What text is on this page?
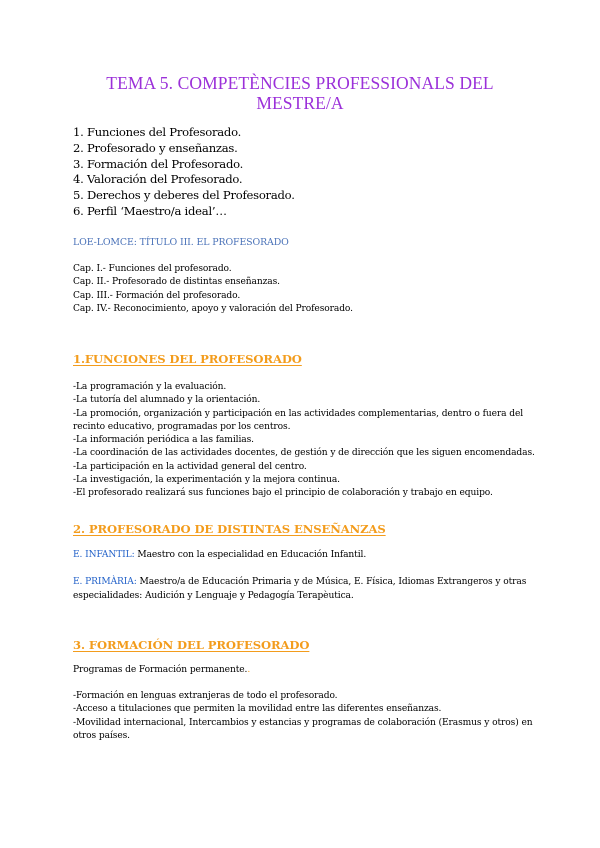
TEMA 5. COMPETÈNCIES PROFESSIONALS DEL
MESTRE/A
1. Funciones del Profesorado.
2. Profesorado y enseñanzas.
3. Formación del Profesorado.
4. Valoración del Profesorado.
5. Derechos y deberes del Profesorado.
6. Perfil ‘Maestro/a ideal’…
LOE-LOMCE: TÍTULO III. EL PROFESORADO
Cap. I.- Funciones del profesorado.
Cap. II.- Profesorado de distintas enseñanzas.
Cap. III.- Formación del profesorado.
Cap. IV.- Reconocimiento, apoyo y valoración del Profesorado.
1.FUNCIONES DEL PROFESORADO
-La programación y la evaluación.
-La tutoría del alumnado y la orientación.
-La promoción, organización y participación en las actividades complementarias, dentro o fuera del
recinto educativo, programadas por los centros.
-La información periódica a las familias.
-La coordinación de las actividades docentes, de gestión y de dirección que les siguen encomendadas.
-La participación en la actividad general del centro.
-La investigación, la experimentación y la mejora continua.
-El profesorado realizará sus funciones bajo el principio de colaboración y trabajo en equipo.
2. PROFESORADO DE DISTINTAS ENSEÑANZAS
E. INFANTIL: Maestro con la especialidad en Educación Infantil.
E. PRIMÀRIA: Maestro/a de Educación Primaria y de Música, E. Física, Idiomas Extrangeros y otras
especialidades: Audición y Lenguaje y Pedagogía Terapèutica.
3. FORMACIÓN DEL PROFESORADO
Programas de Formación permanente..
-Formación en lenguas extranjeras de todo el profesorado.
-Acceso a titulaciones que permiten la movilidad entre las diferentes enseñanzas.
-Movilidad internacional, Intercambios y estancias y programas de colaboración (Erasmus y otros) en
otros países.
